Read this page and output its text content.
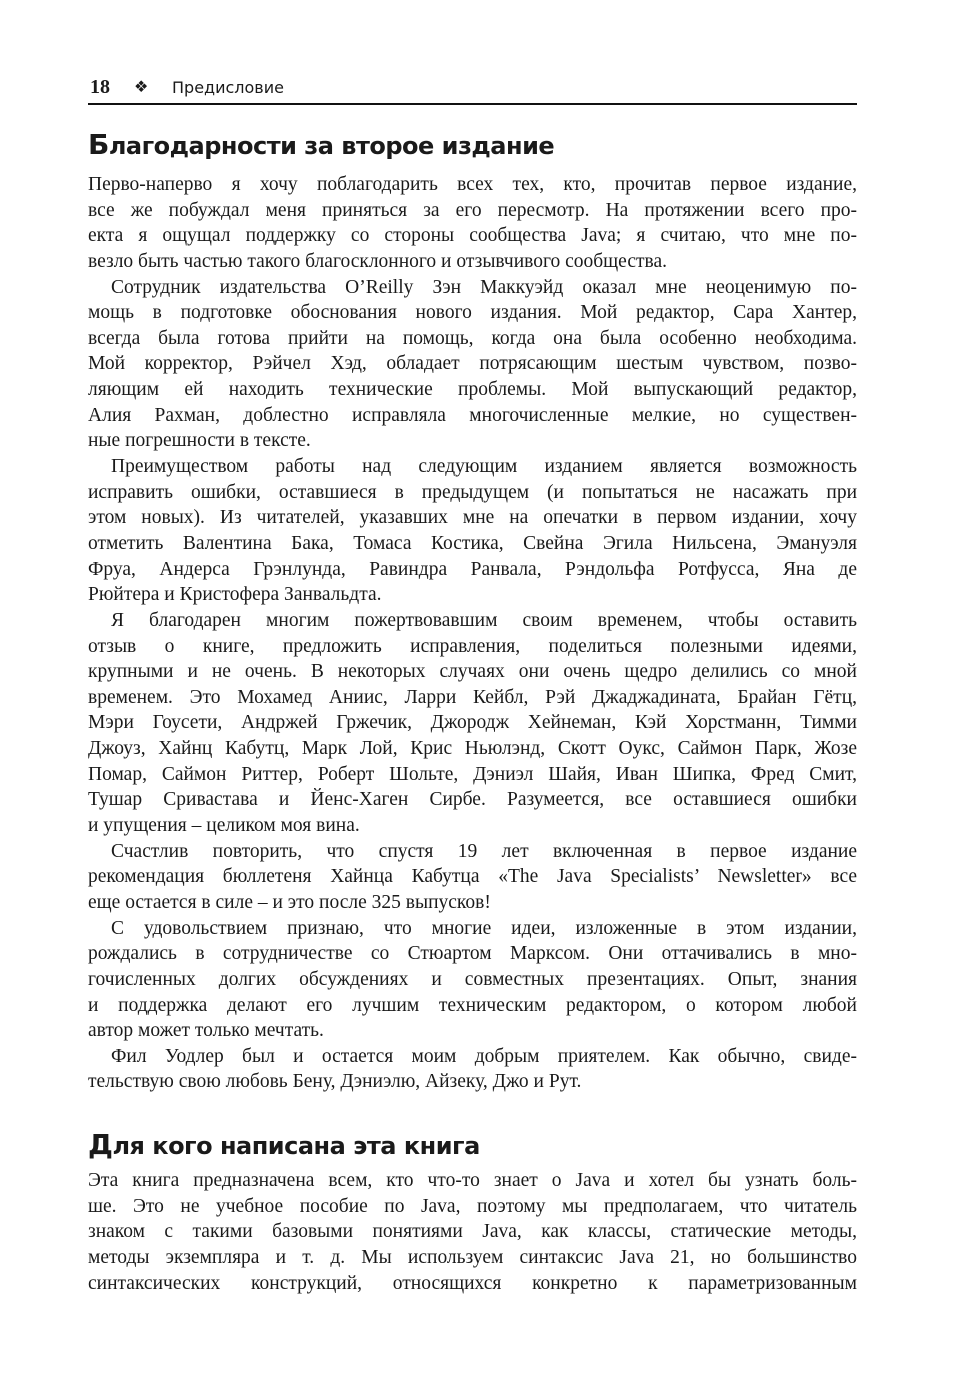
18 ❖ Предисловие
Благодарности за второе издание
Перво-наперво я хочу поблагодарить всех тех, кто, прочитав первое издание,
все же побуждал меня приняться за его пересмотр. На протяжении всего про-
екта я ощущал поддержку со стороны сообщества Java; я считаю, что мне по-
везло быть частью такого благосклонного и отзывчивого сообщества.
Сотрудник издательства O’Reilly Зэн Маккуэйд оказал мне неоценимую по-
мощь в подготовке обоснования нового издания. Мой редактор, Сара Хантер,
всегда была готова прийти на помощь, когда она была особенно необходима.
Мой корректор, Рэйчел Хэд, обладает потрясающим шестым чувством, позво-
ляющим ей находить технические проблемы. Мой выпускающий редактор,
Алия Рахман, доблестно исправляла многочисленные мелкие, но существен-
ные погрешности в тексте.
Преимуществом работы над следующим изданием является возможность
исправить ошибки, оставшиеся в предыдущем (и попытаться не насажать при
этом новых). Из читателей, указавших мне на опечатки в первом издании, хочу
отметить Валентина Бака, Томаса Костика, Свейна Эгила Нильсена, Эмануэля
Фруа, Андерса Грэнлунда, Равиндра Ранвала, Рэндольфа Ротфусса, Яна де
Рюйтера и Кристофера Занвальдта.
Я благодарен многим пожертвовавшим своим временем, чтобы оставить
отзыв о книге, предложить исправления, поделиться полезными идеями,
крупными и не очень. В некоторых случаях они очень щедро делились со мной
временем. Это Мохамед Аниис, Ларри Кейбл, Рэй Джаджадината, Брайан Гётц,
Мэри Гоусети, Андржей Гржечик, Джородж Хейнеман, Кэй Хорстманн, Тимми
Джоуз, Хайнц Кабутц, Марк Лой, Крис Ньюлэнд, Скотт Оукс, Саймон Парк, Жозе
Помар, Саймон Риттер, Роберт Шольте, Дэниэл Шайя, Иван Шипка, Фред Смит,
Тушар Сривастава и Йенс-Хаген Сирбе. Разумеется, все оставшиеся ошибки
и упущения – целиком моя вина.
Счастлив повторить, что спустя 19 лет включенная в первое издание
рекомендация бюллетеня Хайнца Кабутца «The Java Specialists’ Newsletter» все
еще остается в силе – и это после 325 выпусков!
С удовольствием признаю, что многие идеи, изложенные в этом издании,
рождались в сотрудничестве со Стюартом Марксом. Они оттачивались в мно-
гочисленных долгих обсуждениях и совместных презентациях. Опыт, знания
и поддержка делают его лучшим техническим редактором, о котором любой
автор может только мечтать.
Фил Уодлер был и остается моим добрым приятелем. Как обычно, свиде-
тельствую свою любовь Бену, Дэниэлю, Айзеку, Джо и Рут.
Для кого написана эта книга
Эта книга предназначена всем, кто что-то знает о Java и хотел бы узнать боль-
ше. Это не учебное пособие по Java, поэтому мы предполагаем, что читатель
знаком с такими базовыми понятиями Java, как классы, статические методы,
методы экземпляра и т. д. Мы используем синтаксис Java 21, но большинство
синтаксических конструкций, относящихся конкретно к параметризованным
